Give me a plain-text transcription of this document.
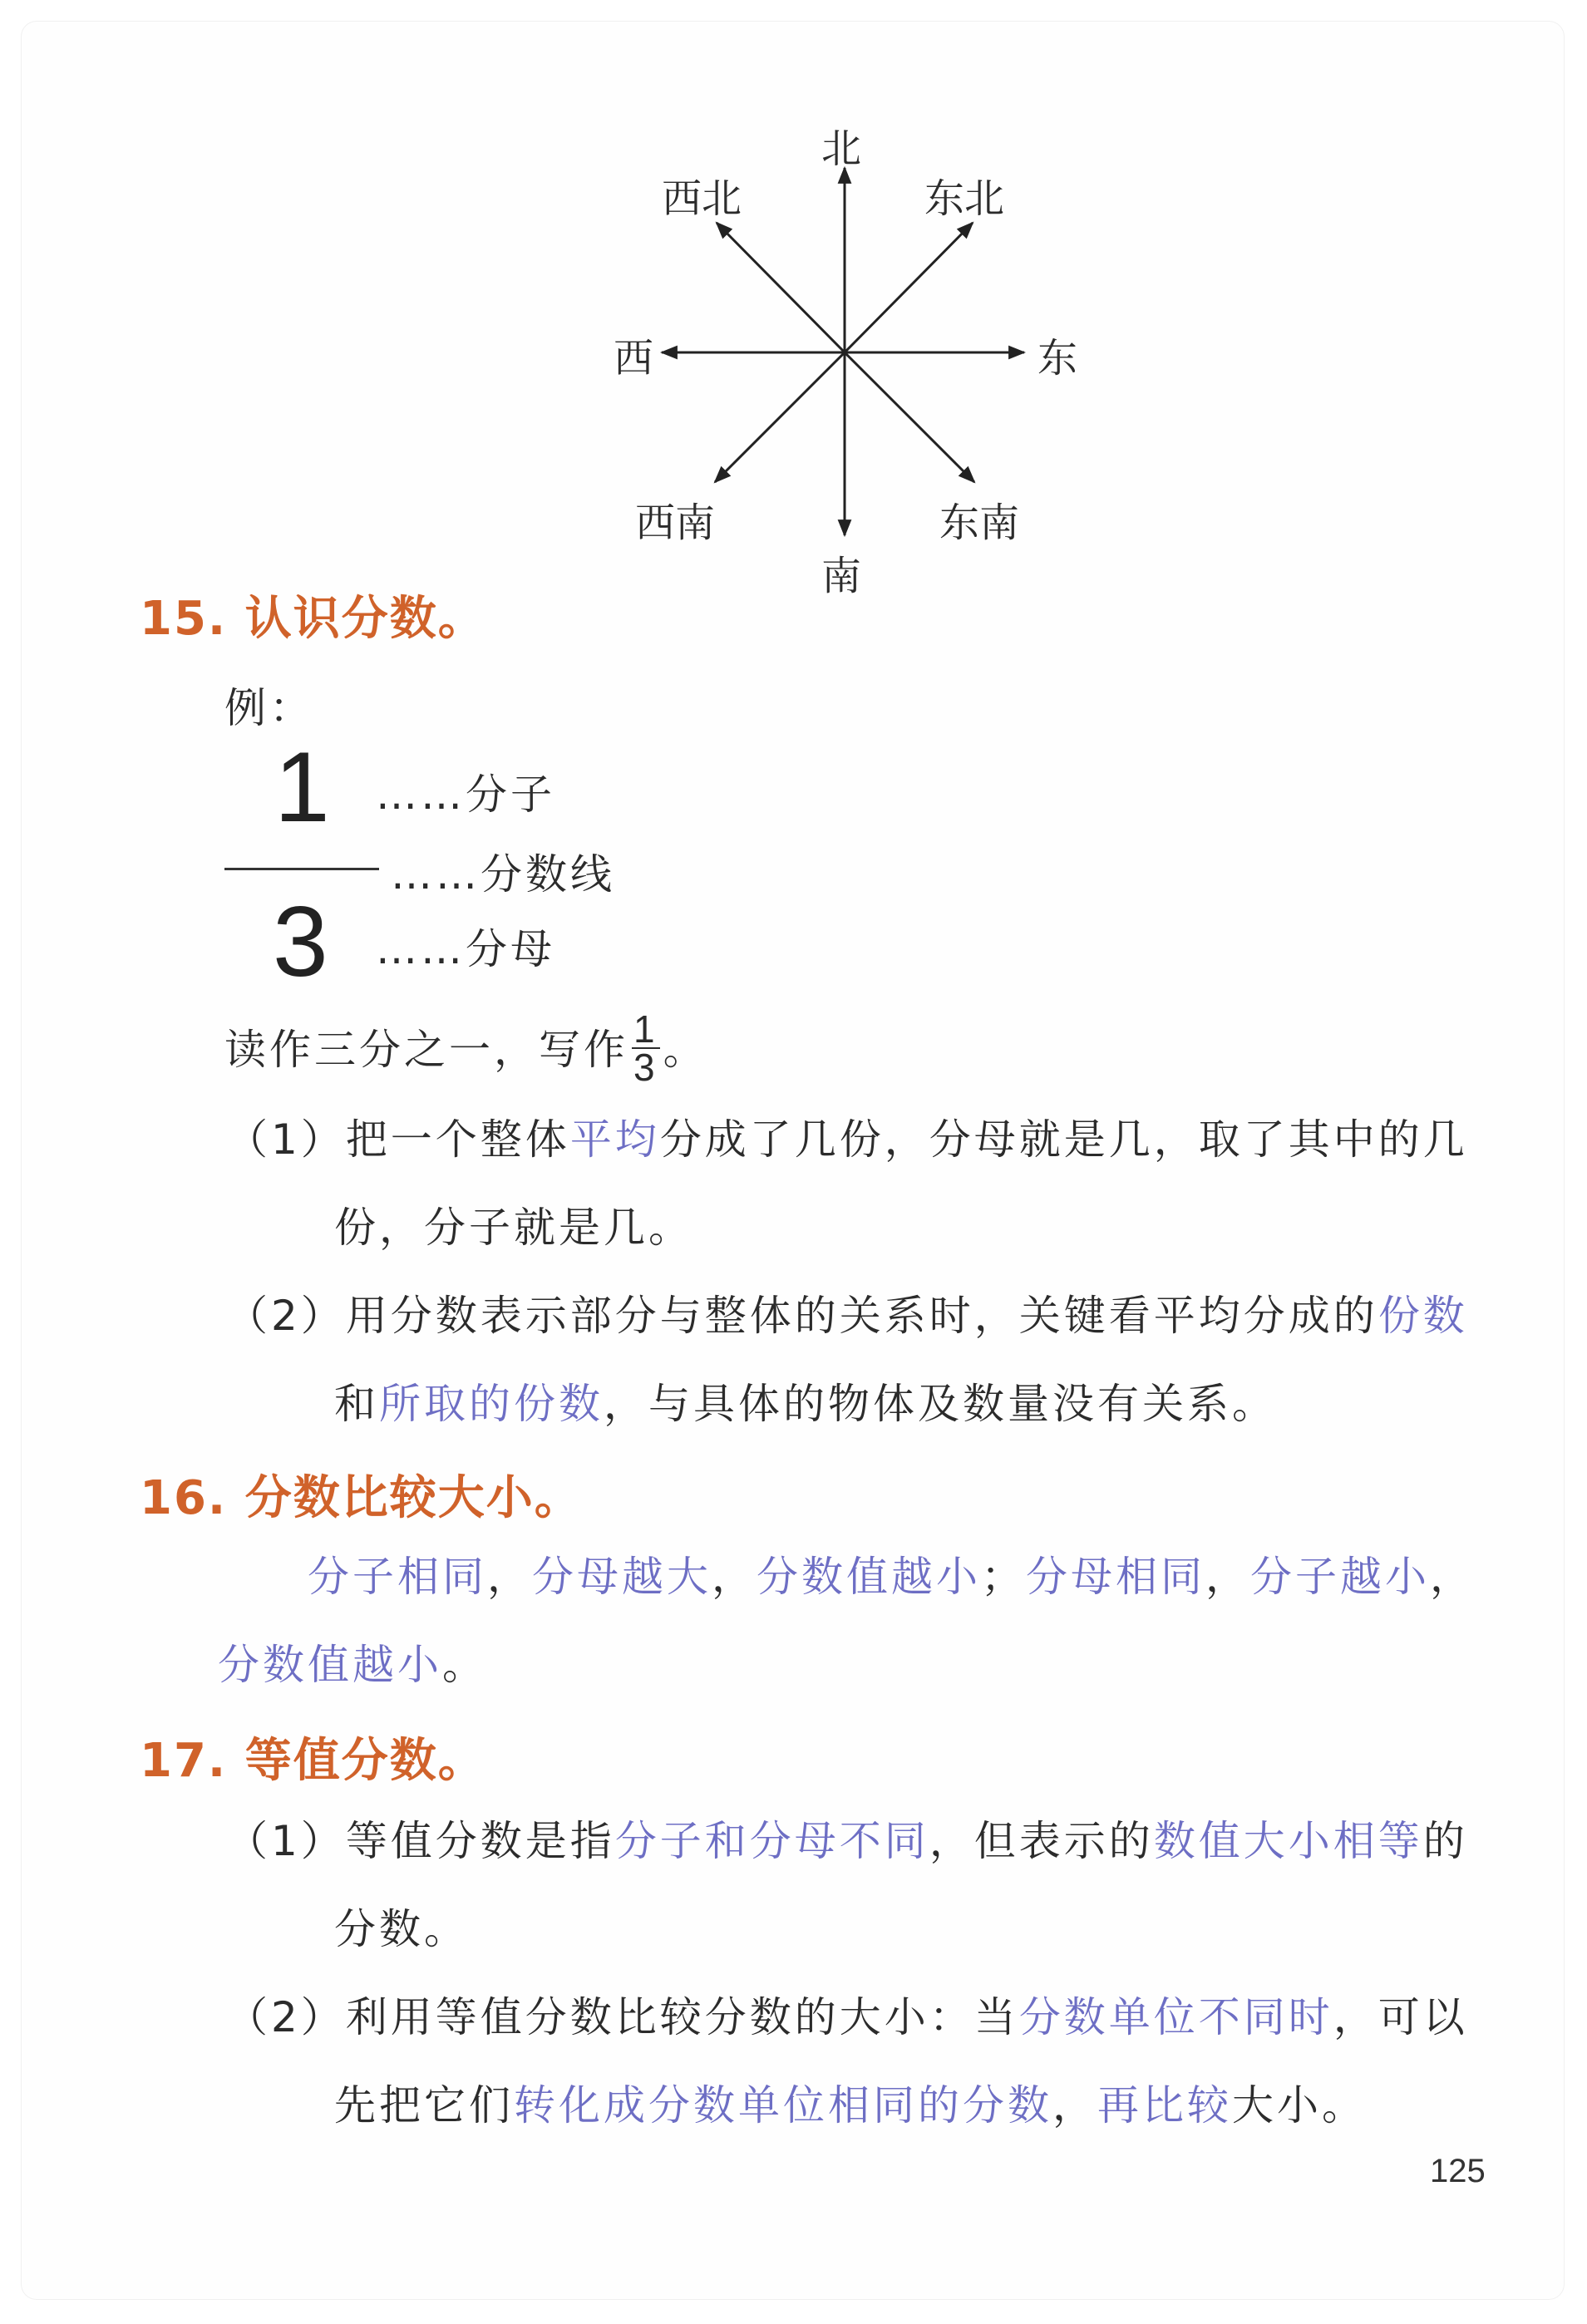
北
西北	东北
西	东
西南	东南
南
15. 认识分数。
例：
1 ……分子
……分数线
3 ……分母
读作三分之一，写作 $\frac{1}{3}$ 。
（1）把一个整体平均分成了几份，分母就是几，取了其中的几
份，分子就是几。
（2）用分数表示部分与整体的关系时，关键看平均分成的份数
和所取的份数，与具体的物体及数量没有关系。
16. 分数比较大小。
分子相同，分母越大，分数值越小；分母相同，分子越小，
分数值越小。
17. 等值分数。
（1）等值分数是指分子和分母不同，但表示的数值大小相等的
分数。
（2）利用等值分数比较分数的大小：当分数单位不同时，可以
先把它们转化成分数单位相同的分数，再比较大小。
125
